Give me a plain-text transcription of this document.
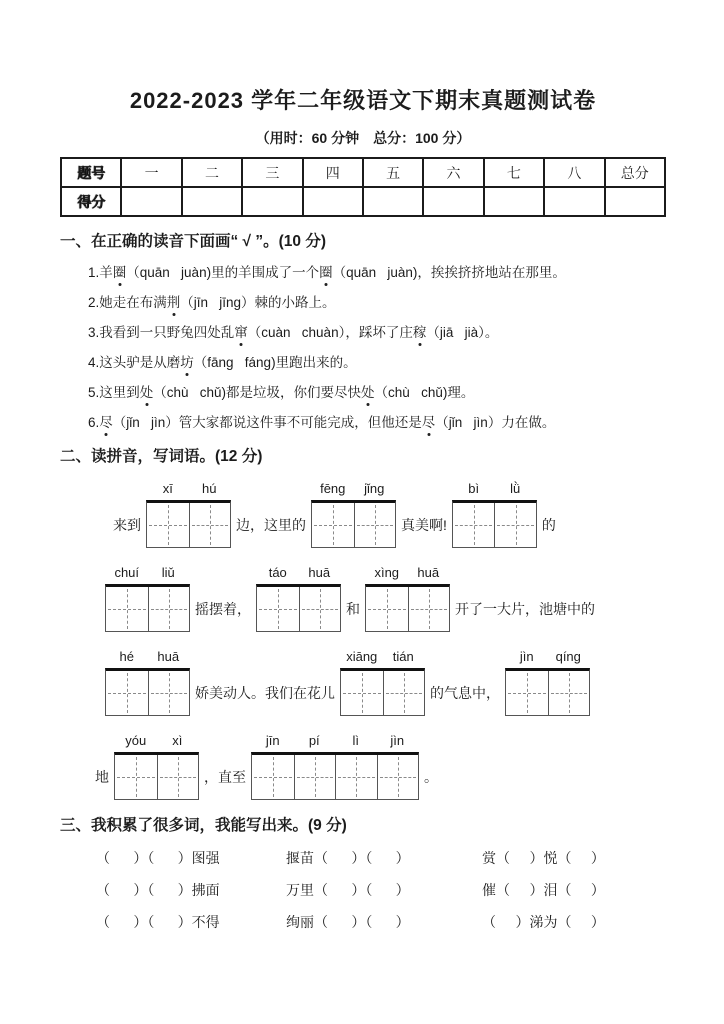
2022-2023 学年二年级语文下期末真题测试卷
（用时：60 分钟　总分：100 分）
题号	一	二	三	四	五	六	七	八	总分
得分									
一、在正确的读音下面画“ √ ”。(10 分)
1.羊圈（quān   juàn)里的羊围成了一个圈（quān   juàn)，挨挨挤挤地站在那里。
2.她走在布满荆（jīn   jīng）棘的小路上。
3.我看到一只野兔四处乱窜（cuàn   chuàn），踩坏了庄稼（jiā   jià）。
4.这头驴是从磨坊（fāng   fáng)里跑出来的。
5.这里到处（chù   chǔ)都是垃圾，你们要尽快处（chù   chǔ)理。
6.尽（jǐn   jìn）管大家都说这件事不可能完成，但他还是尽（jǐn   jìn）力在做。
二、读拼音，写词语。(12 分)
来到
xī	hú
边，这里的
fēng	jǐng
真美啊!
bì	lǜ
的
chuí	liǔ
摇摆着，
táo	huā
和
xìng	huā
开了一大片，池塘中的
hé	huā
娇美动人。我们在花儿
xiāng	tián
的气息中，
jìn	qíng
地
yóu	xì
，直至
jīn	pí	lì	jìn
。
三、我积累了很多词，我能写出来。(9 分)
（      ）（      ）图强	揠苗（      ）（      ）	赏（     ）悦（     ）
（      ）（      ）拂面	万里（      ）（      ）	催（     ）泪（     ）
（      ）（      ）不得	绚丽（      ）（      ）	（     ）涕为（     ）
